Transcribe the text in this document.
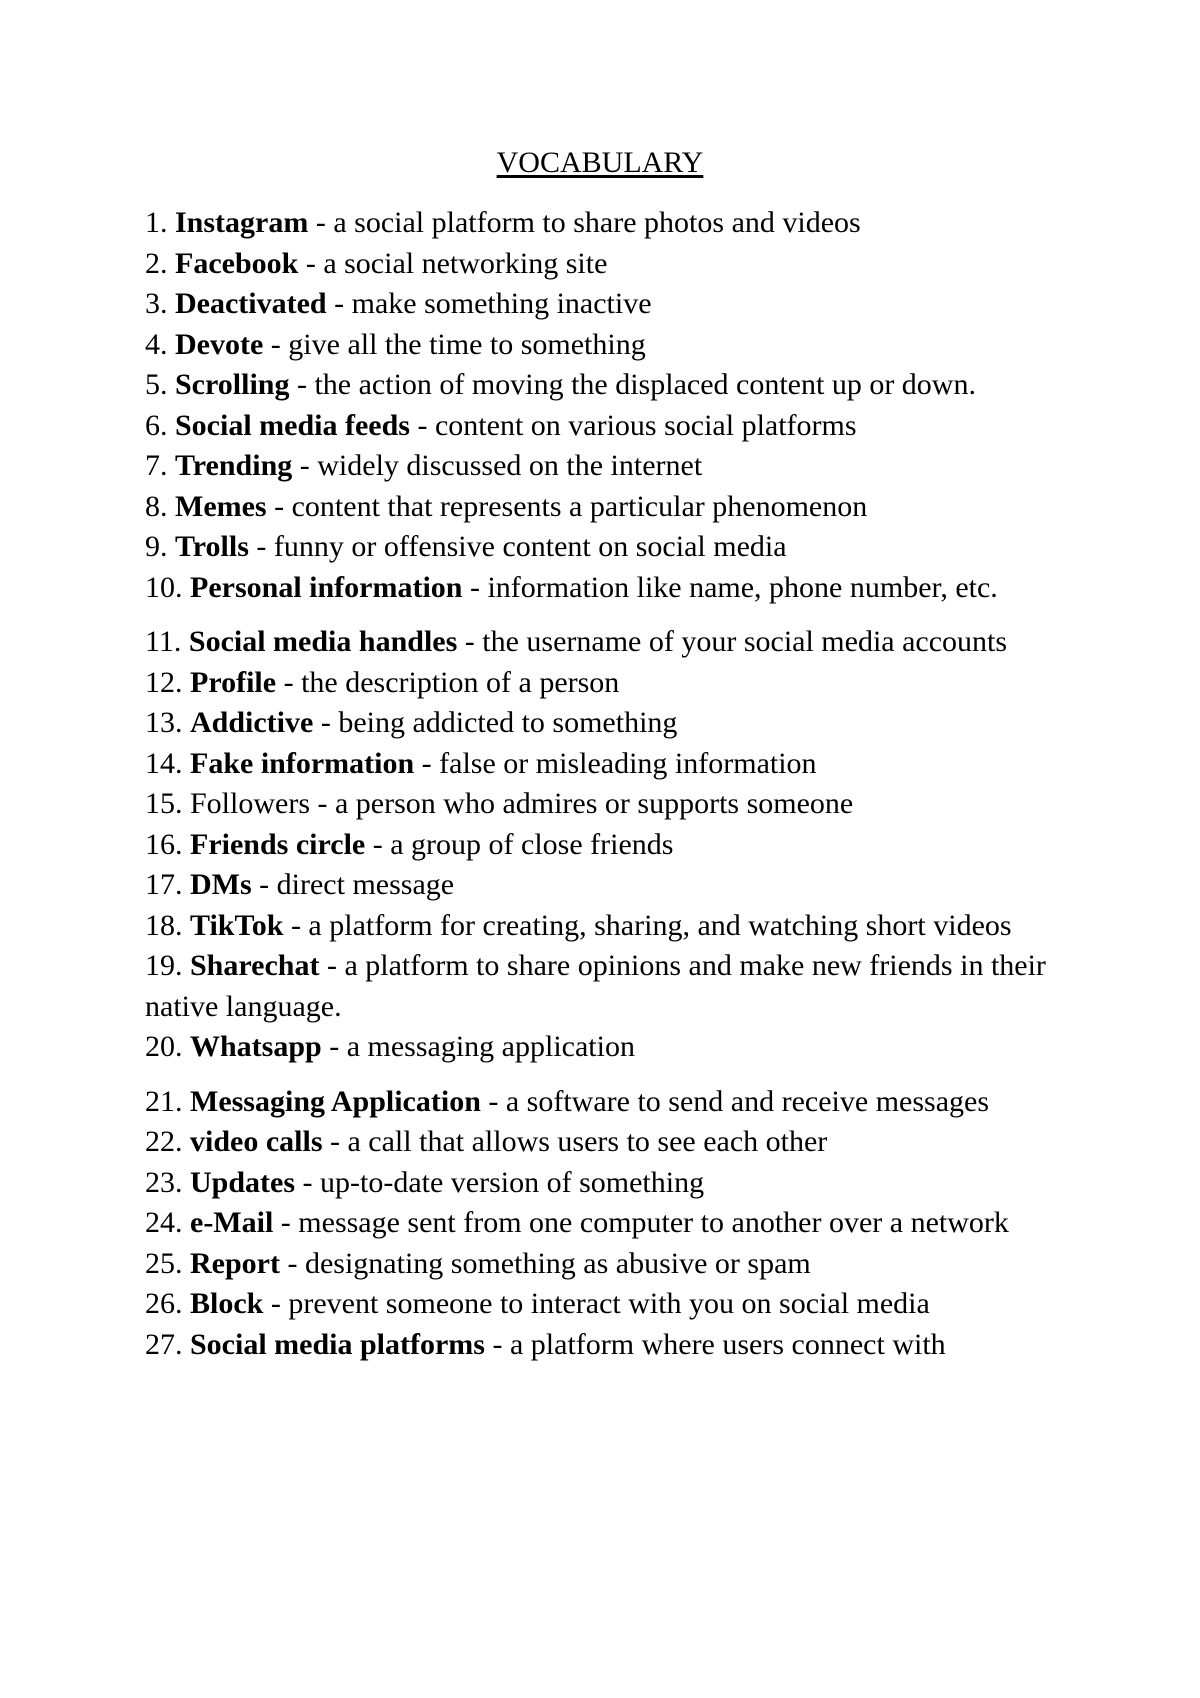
VOCABULARY
1. Instagram - a social platform to share photos and videos
2. Facebook - a social networking site
3. Deactivated - make something inactive
4. Devote - give all the time to something
5. Scrolling - the action of moving the displaced content up or down.
6. Social media feeds - content on various social platforms
7. Trending - widely discussed on the internet
8. Memes - content that represents a particular phenomenon
9. Trolls - funny or offensive content on social media
10. Personal information - information like name, phone number, etc.
11. Social media handles - the username of your social media accounts
12. Profile - the description of a person
13. Addictive - being addicted to something
14. Fake information - false or misleading information
15. Followers - a person who admires or supports someone
16. Friends circle - a group of close friends
17. DMs - direct message
18. TikTok - a platform for creating, sharing, and watching short videos
19. Sharechat - a platform to share opinions and make new friends in their native language.
20. Whatsapp - a messaging application
21. Messaging Application - a software to send and receive messages
22. video calls - a call that allows users to see each other
23. Updates - up-to-date version of something
24. e-Mail - message sent from one computer to another over a network
25. Report - designating something as abusive or spam
26. Block - prevent someone to interact with you on social media
27. Social media platforms - a platform where users connect with
